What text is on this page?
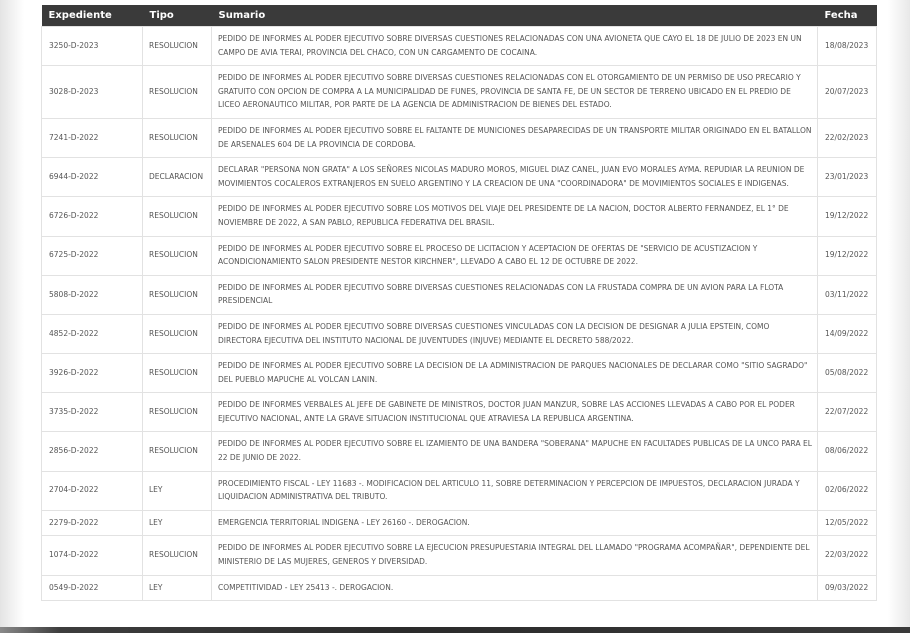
Expediente	Tipo	Sumario	Fecha
3250-D-2023	RESOLUCION	PEDIDO DE INFORMES AL PODER EJECUTIVO SOBRE DIVERSAS CUESTIONES RELACIONADAS CON UNA AVIONETA QUE CAYO EL 18 DE JULIO DE 2023 EN UN CAMPO DE AVIA TERAI, PROVINCIA DEL CHACO, CON UN CARGAMENTO DE COCAINA.	18/08/2023
3028-D-2023	RESOLUCION	PEDIDO DE INFORMES AL PODER EJECUTIVO SOBRE DIVERSAS CUESTIONES RELACIONADAS CON EL OTORGAMIENTO DE UN PERMISO DE USO PRECARIO Y GRATUITO CON OPCION DE COMPRA A LA MUNICIPALIDAD DE FUNES, PROVINCIA DE SANTA FE, DE UN SECTOR DE TERRENO UBICADO EN EL PREDIO DE LICEO AERONAUTICO MILITAR, POR PARTE DE LA AGENCIA DE ADMINISTRACION DE BIENES DEL ESTADO.	20/07/2023
7241-D-2022	RESOLUCION	PEDIDO DE INFORMES AL PODER EJECUTIVO SOBRE EL FALTANTE DE MUNICIONES DESAPARECIDAS DE UN TRANSPORTE MILITAR ORIGINADO EN EL BATALLON DE ARSENALES 604 DE LA PROVINCIA DE CORDOBA.	22/02/2023
6944-D-2022	DECLARACION	DECLARAR "PERSONA NON GRATA" A LOS SEÑORES NICOLAS MADURO MOROS, MIGUEL DIAZ CANEL, JUAN EVO MORALES AYMA. REPUDIAR LA REUNION DE MOVIMIENTOS COCALEROS EXTRANJEROS EN SUELO ARGENTINO Y LA CREACION DE UNA "COORDINADORA" DE MOVIMIENTOS SOCIALES E INDIGENAS.	23/01/2023
6726-D-2022	RESOLUCION	PEDIDO DE INFORMES AL PODER EJECUTIVO SOBRE LOS MOTIVOS DEL VIAJE DEL PRESIDENTE DE LA NACION, DOCTOR ALBERTO FERNANDEZ, EL 1° DE NOVIEMBRE DE 2022, A SAN PABLO, REPUBLICA FEDERATIVA DEL BRASIL.	19/12/2022
6725-D-2022	RESOLUCION	PEDIDO DE INFORMES AL PODER EJECUTIVO SOBRE EL PROCESO DE LICITACION Y ACEPTACION DE OFERTAS DE "SERVICIO DE ACUSTIZACION Y ACONDICIONAMIENTO SALON PRESIDENTE NESTOR KIRCHNER", LLEVADO A CABO EL 12 DE OCTUBRE DE 2022.	19/12/2022
5808-D-2022	RESOLUCION	PEDIDO DE INFORMES AL PODER EJECUTIVO SOBRE DIVERSAS CUESTIONES RELACIONADAS CON LA FRUSTADA COMPRA DE UN AVION PARA LA FLOTA PRESIDENCIAL	03/11/2022
4852-D-2022	RESOLUCION	PEDIDO DE INFORMES AL PODER EJECUTIVO SOBRE DIVERSAS CUESTIONES VINCULADAS CON LA DECISION DE DESIGNAR A JULIA EPSTEIN, COMO DIRECTORA EJECUTIVA DEL INSTITUTO NACIONAL DE JUVENTUDES (INJUVE) MEDIANTE EL DECRETO 588/2022.	14/09/2022
3926-D-2022	RESOLUCION	PEDIDO DE INFORMES AL PODER EJECUTIVO SOBRE LA DECISION DE LA ADMINISTRACION DE PARQUES NACIONALES DE DECLARAR COMO "SITIO SAGRADO" DEL PUEBLO MAPUCHE AL VOLCAN LANIN.	05/08/2022
3735-D-2022	RESOLUCION	PEDIDO DE INFORMES VERBALES AL JEFE DE GABINETE DE MINISTROS, DOCTOR JUAN MANZUR, SOBRE LAS ACCIONES LLEVADAS A CABO POR EL PODER EJECUTIVO NACIONAL, ANTE LA GRAVE SITUACION INSTITUCIONAL QUE ATRAVIESA LA REPUBLICA ARGENTINA.	22/07/2022
2856-D-2022	RESOLUCION	PEDIDO DE INFORMES AL PODER EJECUTIVO SOBRE EL IZAMIENTO DE UNA BANDERA "SOBERANA" MAPUCHE EN FACULTADES PUBLICAS DE LA UNCO PARA EL 22 DE JUNIO DE 2022.	08/06/2022
2704-D-2022	LEY	PROCEDIMIENTO FISCAL - LEY 11683 -. MODIFICACION DEL ARTICULO 11, SOBRE DETERMINACION Y PERCEPCION DE IMPUESTOS, DECLARACION JURADA Y LIQUIDACION ADMINISTRATIVA DEL TRIBUTO.	02/06/2022
2279-D-2022	LEY	EMERGENCIA TERRITORIAL INDIGENA - LEY 26160 -. DEROGACION.	12/05/2022
1074-D-2022	RESOLUCION	PEDIDO DE INFORMES AL PODER EJECUTIVO SOBRE LA EJECUCION PRESUPUESTARIA INTEGRAL DEL LLAMADO "PROGRAMA ACOMPAÑAR", DEPENDIENTE DEL MINISTERIO DE LAS MUJERES, GENEROS Y DIVERSIDAD.	22/03/2022
0549-D-2022	LEY	COMPETITIVIDAD - LEY 25413 -. DEROGACION.	09/03/2022
